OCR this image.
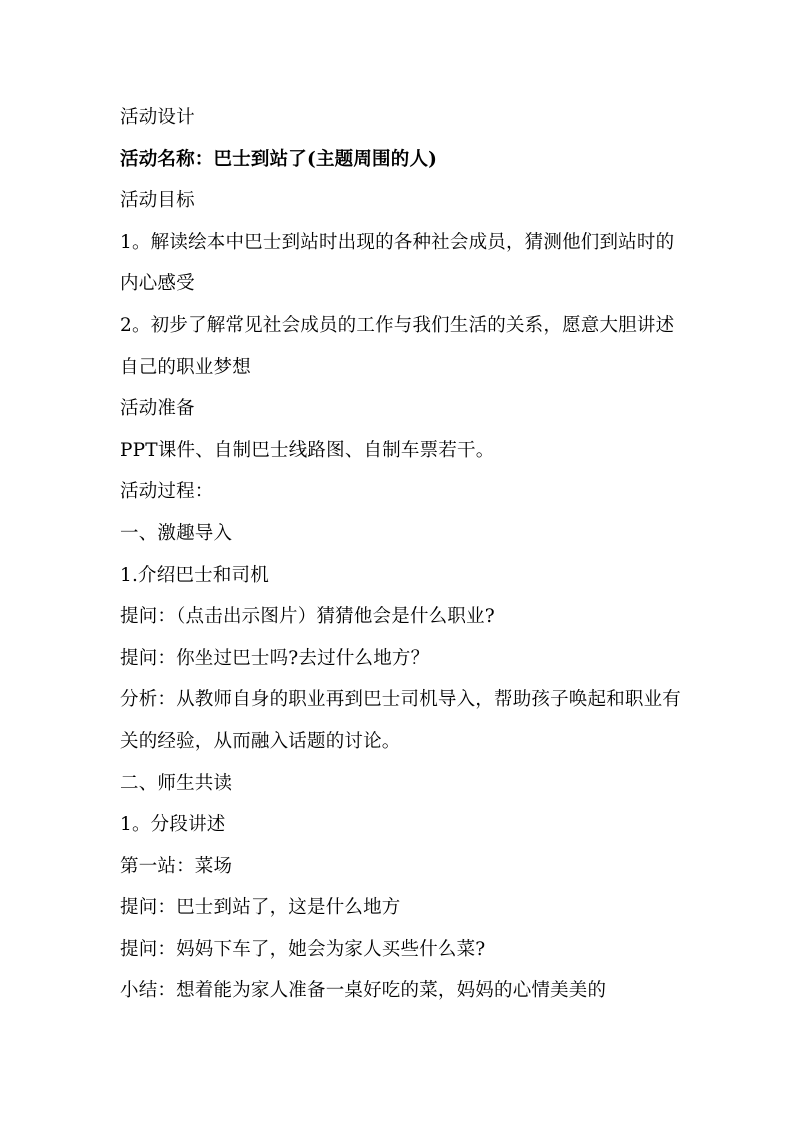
活动设计
活动名称：巴士到站了(主题周围的人)
活动目标
1。解读绘本中巴士到站时出现的各种社会成员，猜测他们到站时的
内心感受
2。初步了解常见社会成员的工作与我们生活的关系，愿意大胆讲述
自己的职业梦想
活动准备
PPT课件、自制巴士线路图、自制车票若干。
活动过程：
一、激趣导入
1.介绍巴士和司机
提问：（点击出示图片）猜猜他会是什么职业?
提问：你坐过巴士吗?去过什么地方？
分析：从教师自身的职业再到巴士司机导入，帮助孩子唤起和职业有
关的经验，从而融入话题的讨论。
二、师生共读
1。分段讲述
第一站：菜场
提问：巴士到站了，这是什么地方
提问：妈妈下车了，她会为家人买些什么菜?
小结：想着能为家人准备一桌好吃的菜，妈妈的心情美美的
